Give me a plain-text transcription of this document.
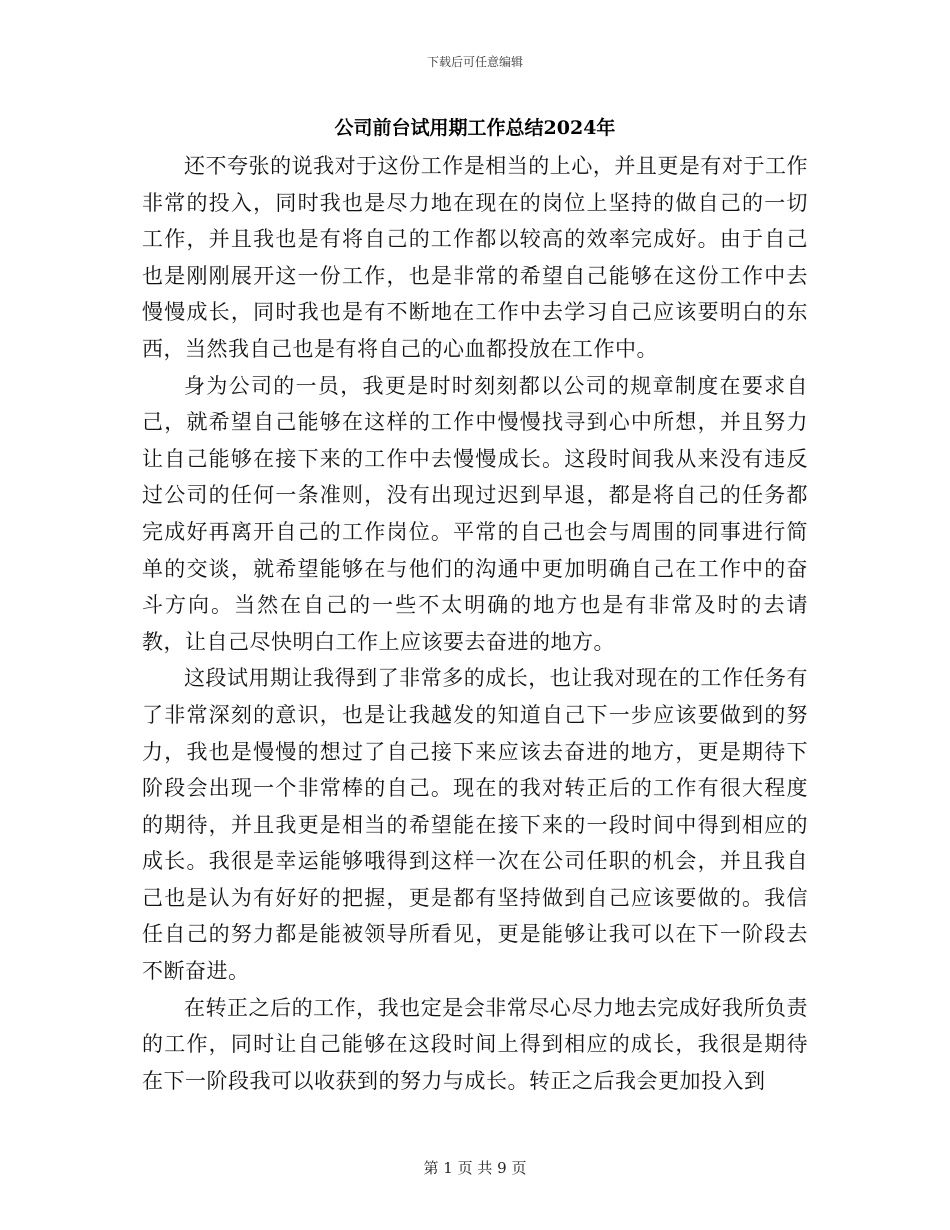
下载后可任意编辑
公司前台试用期工作总结2024年

还不夸张的说我对于这份工作是相当的上心，并且更是有对于工作非常的投入，同时我也是尽力地在现在的岗位上坚持的做自己的一切工作，并且我也是有将自己的工作都以较高的效率完成好。由于自己也是刚刚展开这一份工作，也是非常的希望自己能够在这份工作中去慢慢成长，同时我也是有不断地在工作中去学习自己应该要明白的东西，当然我自己也是有将自己的心血都投放在工作中。

身为公司的一员，我更是时时刻刻都以公司的规章制度在要求自己，就希望自己能够在这样的工作中慢慢找寻到心中所想，并且努力让自己能够在接下来的工作中去慢慢成长。这段时间我从来没有违反过公司的任何一条准则，没有出现过迟到早退，都是将自己的任务都完成好再离开自己的工作岗位。平常的自己也会与周围的同事进行简单的交谈，就希望能够在与他们的沟通中更加明确自己在工作中的奋斗方向。当然在自己的一些不太明确的地方也是有非常及时的去请教，让自己尽快明白工作上应该要去奋进的地方。

这段试用期让我得到了非常多的成长，也让我对现在的工作任务有了非常深刻的意识，也是让我越发的知道自己下一步应该要做到的努力，我也是慢慢的想过了自己接下来应该去奋进的地方，更是期待下阶段会出现一个非常棒的自己。现在的我对转正后的工作有很大程度的期待，并且我更是相当的希望能在接下来的一段时间中得到相应的成长。我很是幸运能够哦得到这样一次在公司任职的机会，并且我自己也是认为有好好的把握，更是都有坚持做到自己应该要做的。我信任自己的努力都是能被领导所看见，更是能够让我可以在下一阶段去不断奋进。

在转正之后的工作，我也定是会非常尽心尽力地去完成好我所负责的工作，同时让自己能够在这段时间上得到相应的成长，我很是期待在下一阶段我可以收获到的努力与成长。转正之后我会更加投入到

第 1 页 共 9 页
